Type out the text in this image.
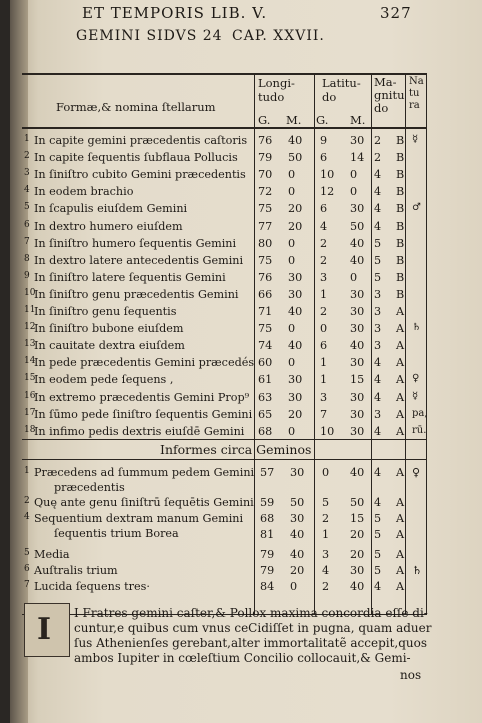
ET TEMPORIS LIB. V.	327
GEMINI SIDVS 24 CAP. XXVII.
Formæ,& nomina ſtellarum
Longi-
tudo
Latitu-
do
Ma-
gnitu
do
Na
tu
ra
G. M. G. M.
1 In capite gemini præcedentis caſtoris 76 40 9 30 2 B ☿
2 In capite ſequentis ſubflaua Pollucis 79 50 6 14 2 B
3 In ſiniſtro cubito Gemini præcedentis 70 0 10 0 4 B
4 In eodem brachio	72 0 12 0 4 B
5 In ſcapulis eiuſdem Gemini	75 20 6 30 4 B ♂
6 In dextro humero eiuſdem	77 20 4 50 4 B
7 In ſiniſtro humero ſequentis Gemini 80 0 2 40 5 B
8 In dextro latere antecedentis Gemini 75 0 2 40 5 B
9 In ſiniſtro latere ſequentis Gemini	76 30 3 0 5 B
10
In ſiniſtro genu præcedentis Gemini 66 30 1 30 3 B
11
In ſiniſtro genu ſequentis	71 40 2 30 3 A
12
In ſiniſtro bubone eiuſdem	75 0 0 30 3 A ♄
13
In cauitate dextra eiuſdem	74 40 6 40 3 A
14
In pede præcedentis Gemini præcedés 60 0 1 30 4 A
15
In eodem pede ſequens ,	61 30 1 15 4 A ♀
16
In extremo præcedentis Gemini Prop⁹ 63 30 3 30 4 A ☿
17
In ſūmo pede ſiniſtro ſequentis Gemini 65 20 7 30 3 A pa,
18
In infimo pedis dextris eiuſdē Gemini 68 0 10 30 4 A rū.
Informes circa Geminos
1 Præcedens ad ſummum pedem Gemini 57 30 0 40 4 A ♀
præcedentis
2 Quę ante genu ſiniſtrū ſequētis Gemini 59 50 5 50 4 A
4 Sequentium dextram manum Gemini 68 30 2 15 5 A
ſequentis trium Borea	81 40 1 20 5 A
5 Media	79 40 3 20 5 A
6 Auſtralis trium	79 20 4 30 5 A ♄
7 Lucida ſequens tres·	84 0 2 40 4 A
I I Fratres gemini caſter,& Pollox maxima concordia eſſe di-
cuntur,e quibus cum vnus ceCidiſſet in pugna, quam aduer
ſus Athenienſes gerebant,alter immortalitatẽ accepit,quos
ambos Iupiter in cœleſtium Concilio collocauit,& Gemi-
nos
